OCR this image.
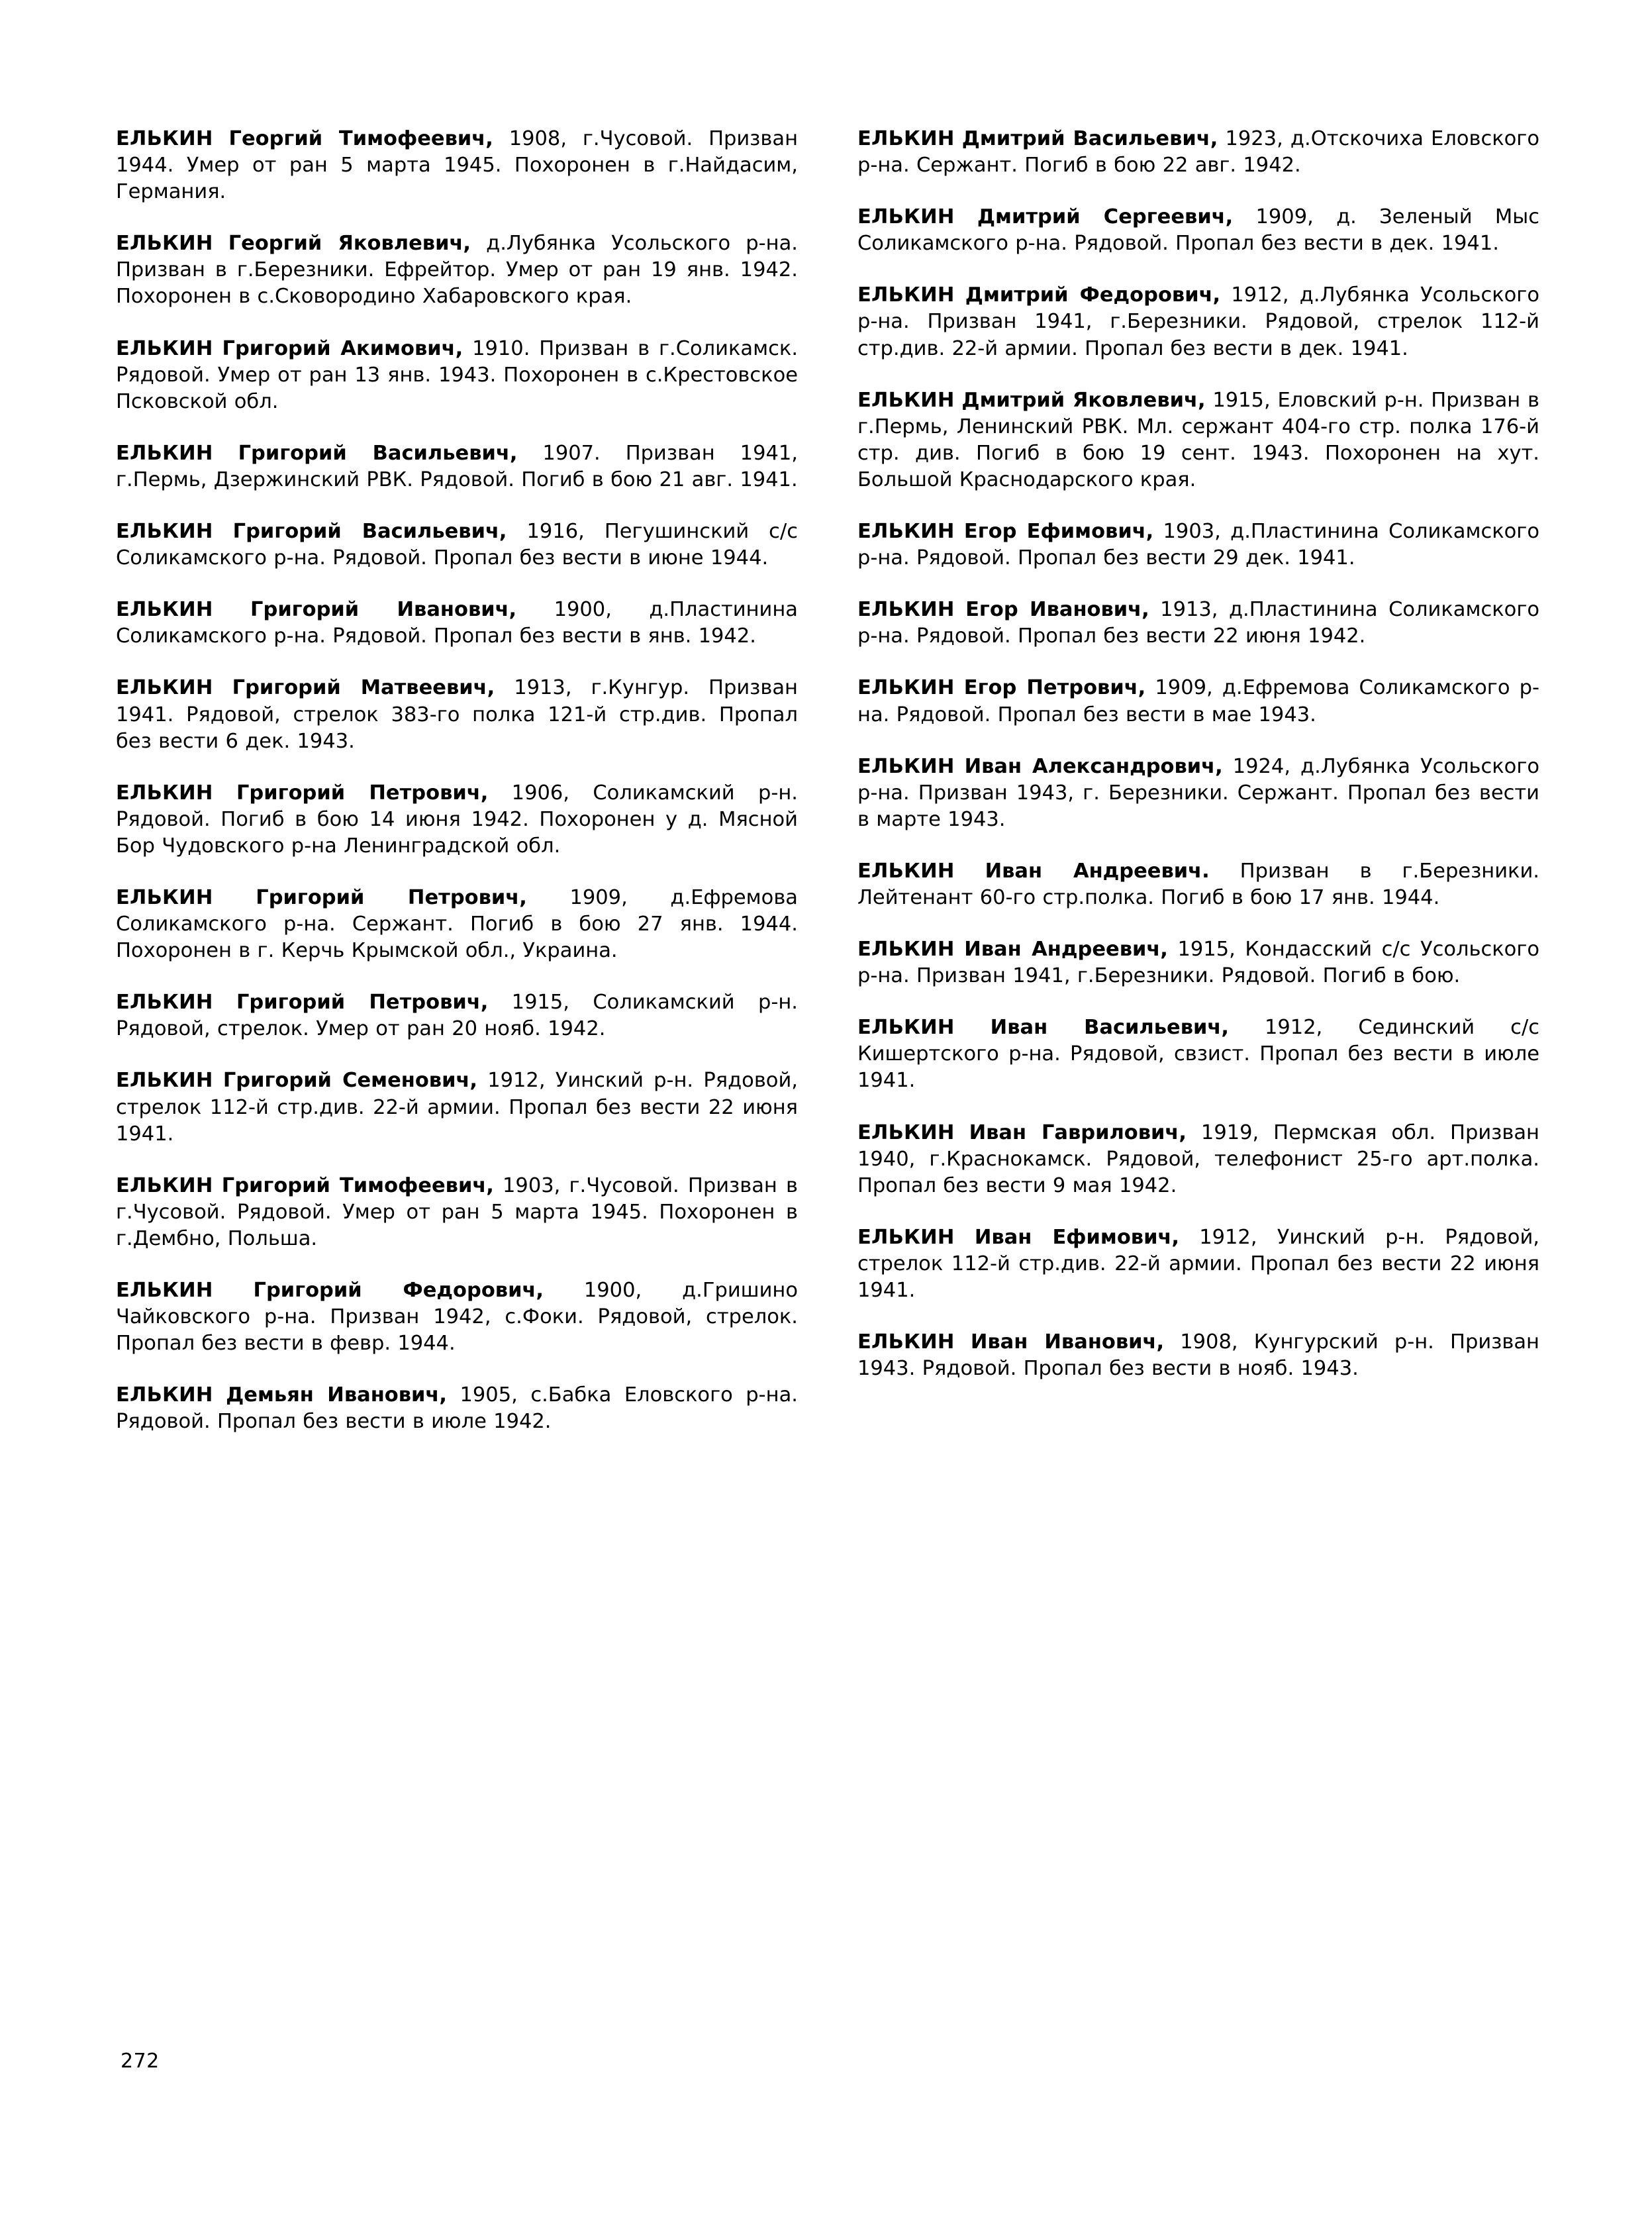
ЕЛЬКИН Георгий Тимофеевич, 1908, г.Чусовой. Призван 1944. Умер от ран 5 марта 1945. Похоронен в г.Найдасим, Германия.

ЕЛЬКИН Георгий Яковлевич, д.Лубянка Усольского р-на. Призван в г.Березники. Ефрейтор. Умер от ран 19 янв. 1942. Похоронен в с.Сковородино Хабаровского края.

ЕЛЬКИН Григорий Акимович, 1910. Призван в г.Соликамск. Рядовой. Умер от ран 13 янв. 1943. Похоронен в с.Крестовское Псковской обл.

ЕЛЬКИН Григорий Васильевич, 1907. Призван 1941, г.Пермь, Дзержинский РВК. Рядовой. Погиб в бою 21 авг. 1941.

ЕЛЬКИН Григорий Васильевич, 1916, Пегушинский с/с Соликамского р-на. Рядовой. Пропал без вести в июне 1944.

ЕЛЬКИН Григорий Иванович, 1900, д.Пластинина Соликамского р-на. Рядовой. Пропал без вести в янв. 1942.

ЕЛЬКИН Григорий Матвеевич, 1913, г.Кунгур. Призван 1941. Рядовой, стрелок 383-го полка 121-й стр.див. Пропал без вести 6 дек. 1943.

ЕЛЬКИН Григорий Петрович, 1906, Соликамский р-н. Рядовой. Погиб в бою 14 июня 1942. Похоронен у д. Мясной Бор Чудовского р-на Ленинградской обл.

ЕЛЬКИН Григорий Петрович, 1909, д.Ефремова Соликамского р-на. Сержант. Погиб в бою 27 янв. 1944. Похоронен в г. Керчь Крымской обл., Украина.

ЕЛЬКИН Григорий Петрович, 1915, Соликамский р-н. Рядовой, стрелок. Умер от ран 20 нояб. 1942.

ЕЛЬКИН Григорий Семенович, 1912, Уинский р-н. Рядовой, стрелок 112-й стр.див. 22-й армии. Пропал без вести 22 июня 1941.

ЕЛЬКИН Григорий Тимофеевич, 1903, г.Чусовой. Призван в г.Чусовой. Рядовой. Умер от ран 5 марта 1945. Похоронен в г.Дембно, Польша.

ЕЛЬКИН Григорий Федорович, 1900, д.Гришино Чайковского р-на. Призван 1942, с.Фоки. Рядовой, стрелок. Пропал без вести в февр. 1944.

ЕЛЬКИН Демьян Иванович, 1905, с.Бабка Еловского р-на. Рядовой. Пропал без вести в июле 1942.

ЕЛЬКИН Дмитрий Васильевич, 1923, д.Отскочиха Еловского р-на. Сержант. Погиб в бою 22 авг. 1942.

ЕЛЬКИН Дмитрий Сергеевич, 1909, д. Зеленый Мыс Соликамского р-на. Рядовой. Пропал без вести в дек. 1941.

ЕЛЬКИН Дмитрий Федорович, 1912, д.Лубянка Усольского р-на. Призван 1941, г.Березники. Рядовой, стрелок 112-й стр.див. 22-й армии. Пропал без вести в дек. 1941.

ЕЛЬКИН Дмитрий Яковлевич, 1915, Еловский р-н. Призван в г.Пермь, Ленинский РВК. Мл. сержант 404-го стр. полка 176-й стр. див. Погиб в бою 19 сент. 1943. Похоронен на хут. Большой Краснодарского края.

ЕЛЬКИН Егор Ефимович, 1903, д.Пластинина Соликамского р-на. Рядовой. Пропал без вести 29 дек. 1941.

ЕЛЬКИН Егор Иванович, 1913, д.Пластинина Соликамского р-на. Рядовой. Пропал без вести 22 июня 1942.

ЕЛЬКИН Егор Петрович, 1909, д.Ефремова Соликамского р-на. Рядовой. Пропал без вести в мае 1943.

ЕЛЬКИН Иван Александрович, 1924, д.Лубянка Усольского р-на. Призван 1943, г. Березники. Сержант. Пропал без вести в марте 1943.

ЕЛЬКИН Иван Андреевич. Призван в г.Березники. Лейтенант 60-го стр.полка. Погиб в бою 17 янв. 1944.

ЕЛЬКИН Иван Андреевич, 1915, Кондасский с/с Усольского р-на. Призван 1941, г.Березники. Рядовой. Погиб в бою.

ЕЛЬКИН Иван Васильевич, 1912, Сединский с/с Кишертского р-на. Рядовой, свзист. Пропал без вести в июле 1941.

ЕЛЬКИН Иван Гаврилович, 1919, Пермская обл. Призван 1940, г.Краснокамск. Рядовой, телефонист 25-го арт.полка. Пропал без вести 9 мая 1942.

ЕЛЬКИН Иван Ефимович, 1912, Уинский р-н. Рядовой, стрелок 112-й стр.див. 22-й армии. Пропал без вести 22 июня 1941.

ЕЛЬКИН Иван Иванович, 1908, Кунгурский р-н. Призван 1943. Рядовой. Пропал без вести в нояб. 1943.

272
